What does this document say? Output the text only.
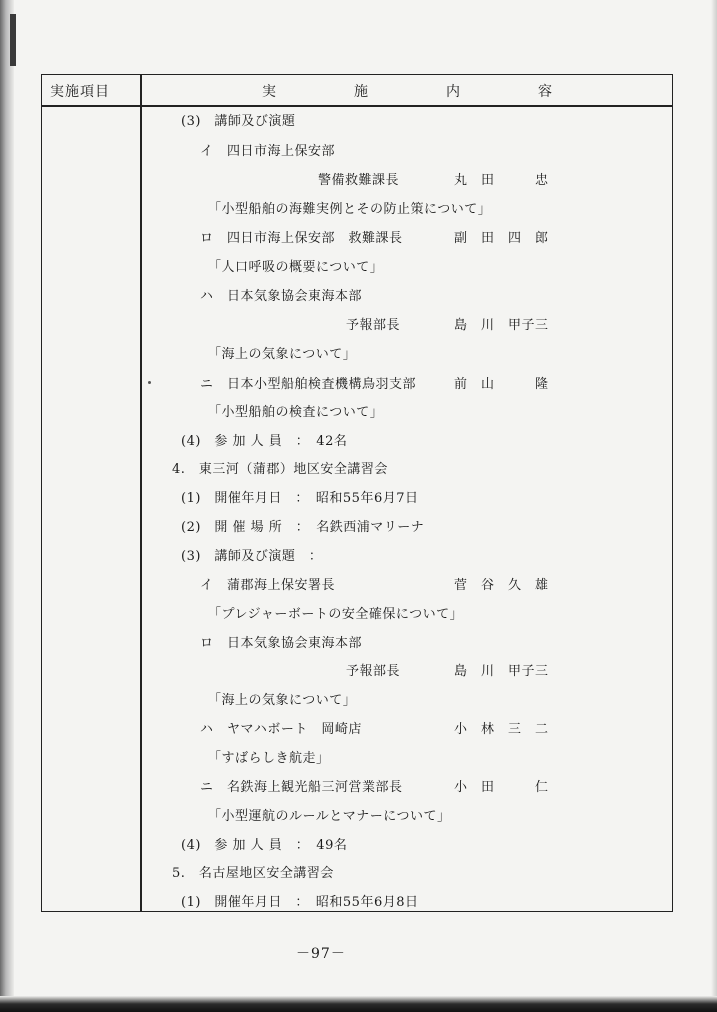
実施項目	実	施	内	容
(3)　講師及び演題
イ　四日市海上保安部
警備救難課長	丸　田　　　忠
「小型船舶の海難実例とその防止策について」
ロ　四日市海上保安部　救難課長	副　田　四　郎
「人口呼吸の概要について」
ハ　日本気象協会東海本部
予報部長	島　川　甲子三
「海上の気象について」
ニ　日本小型船舶検査機構鳥羽支部	前　山　　　隆
「小型船舶の検査について」
(4)　参 加 人 員　：　42名
4.　東三河（蒲郡）地区安全講習会
(1)　開催年月日　：　昭和55年6月7日
(2)　開 催 場 所　：　名鉄西浦マリーナ
(3)　講師及び演題　：
イ　蒲郡海上保安署長	菅　谷　久　雄
「プレジャーボートの安全確保について」
ロ　日本気象協会東海本部
予報部長	島　川　甲子三
「海上の気象について」
ハ　ヤマハボート　岡崎店	小　林　三　二
「すばらしき航走」
ニ　名鉄海上観光船三河営業部長	小　田　　　仁
「小型運航のルールとマナーについて」
(4)　参 加 人 員　：　49名
5.　名古屋地区安全講習会
(1)　開催年月日　：　昭和55年6月8日
－97－
